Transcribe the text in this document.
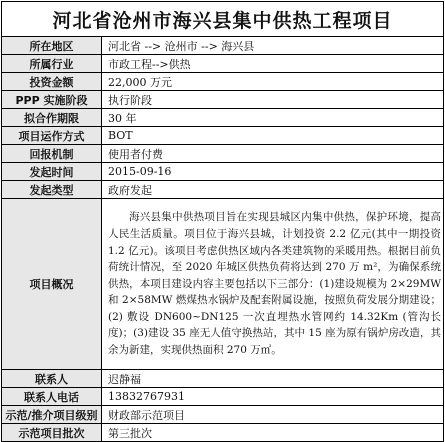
河北省沧州市海兴县集中供热工程项目
所在地区	河北省 --> 沧州市 --> 海兴县
所属行业	市政工程-->供热
投资金额	22,000 万元
PPP 实施阶段	执行阶段
拟合作期限	30 年
项目运作方式	BOT
回报机制	使用者付费
发起时间	2015-09-16
发起类型	政府发起
项目概况	海兴县集中供热项目旨在实现县城区内集中供热，保护环境，提高人民生活质量。项目位于海兴县城，计划投资 2.2 亿元(其中一期投资 1.2 亿元)。该项目考虑供热区域内各类建筑物的采暖用热。根据目前负荷统计情况，至 2020 年城区供热负荷将达到 270 万 m²，为确保系统供热，本项目建设内容主要包括以下三部分：(1)建设规模为 2×29MW 和 2×58MW 燃煤热水锅炉及配套附属设施，按照负荷发展分期建设；(2) 敷设 DN600~DN125 一次直埋热水管网约 14.32Km (管沟长度)；(3)建设 35 座无人值守换热站，其中 15 座为原有锅炉房改造，其余为新建，实现供热面积 270 万㎡。

联系人	迟静福
联系人电话	13832767931
示范/推介项目级别	财政部示范项目
示范项目批次	第三批次
